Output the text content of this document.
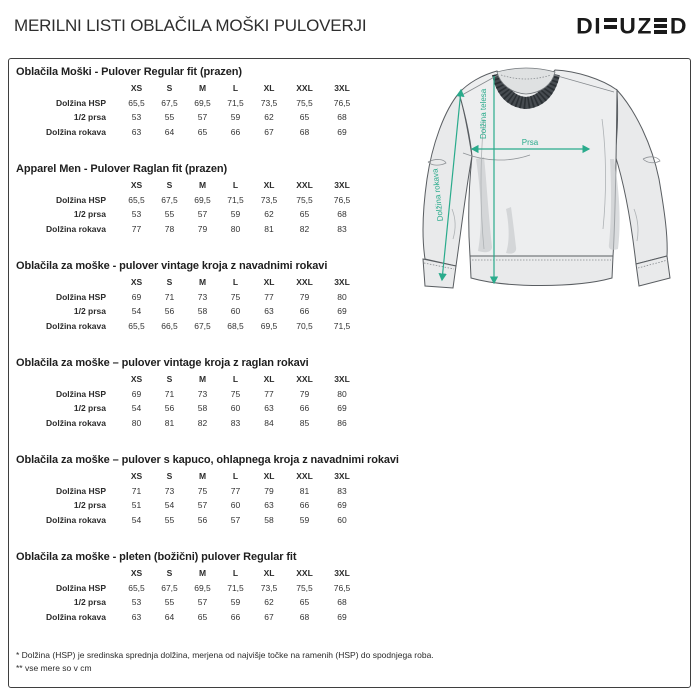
MERILNI LISTI OBLAČILA MOŠKI PULOVERJI	D I U Z D
Oblačila Moški - Pulover Regular fit (prazen)
	XS	S	M	L	XL	XXL	3XL
Dolžina HSP	65,5	67,5	69,5	71,5	73,5	75,5	76,5
1/2 prsa	53	55	57	59	62	65	68
Dolžina rokava	63	64	65	66	67	68	69
Apparel Men - Pulover Raglan fit (prazen)
	XS	S	M	L	XL	XXL	3XL
Dolžina HSP	65,5	67,5	69,5	71,5	73,5	75,5	76,5
1/2 prsa	53	55	57	59	62	65	68
Dolžina rokava	77	78	79	80	81	82	83
Oblačila za moške - pulover vintage kroja z navadnimi rokavi
	XS	S	M	L	XL	XXL	3XL
Dolžina HSP	69	71	73	75	77	79	80
1/2 prsa	54	56	58	60	63	66	69
Dolžina rokava	65,5	66,5	67,5	68,5	69,5	70,5	71,5
Oblačila za moške – pulover vintage kroja z raglan rokavi
	XS	S	M	L	XL	XXL	3XL
Dolžina HSP	69	71	73	75	77	79	80
1/2 prsa	54	56	58	60	63	66	69
Dolžina rokava	80	81	82	83	84	85	86
Oblačila za moške – pulover s kapuco, ohlapnega kroja z navadnimi rokavi
	XS	S	M	L	XL	XXL	3XL
Dolžina HSP	71	73	75	77	79	81	83
1/2 prsa	51	54	57	60	63	66	69
Dolžina rokava	54	55	56	57	58	59	60
Oblačila za moške - pleten (božični) pulover Regular fit
	XS	S	M	L	XL	XXL	3XL
Dolžina HSP	65,5	67,5	69,5	71,5	73,5	75,5	76,5
1/2 prsa	53	55	57	59	62	65	68
Dolžina rokava	63	64	65	66	67	68	69
* Dolžina (HSP) je sredinska sprednja dolžina, merjena od najvišje točke na ramenih (HSP) do spodnjega roba.
** vse mere so v cm
Prsa
Dolžina telesa
Dolžina rokava
